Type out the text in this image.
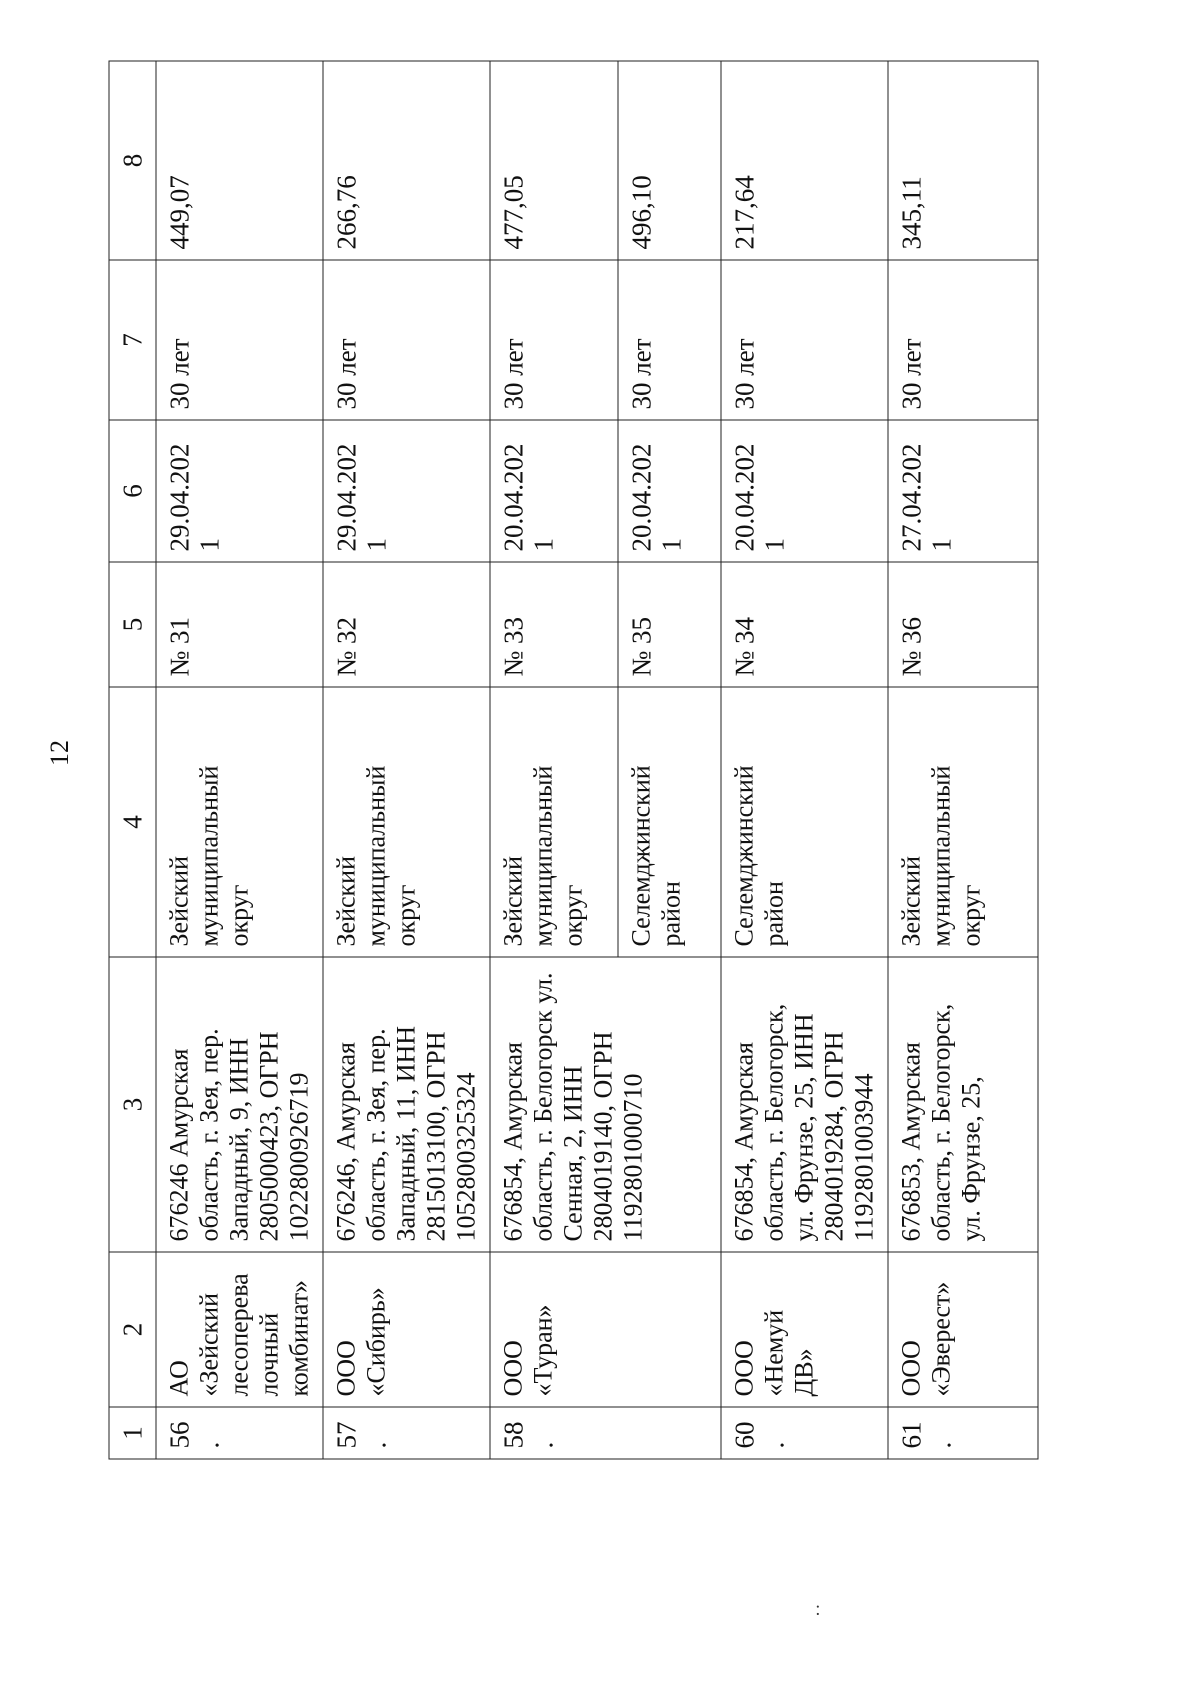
12
1	2	3	4	5	6	7	8
56.	АО «Зейский лесоперевалочный комбинат»	676246 Амурская область, г. Зея, пер. Западный, 9, ИНН 2805000423, ОГРН 1022800926719	Зейский муниципальный округ	№ 31	29.04.2021	30 лет	449,07
57.	ООО «Сибирь»	676246, Амурская область, г. Зея, пер. Западный, 11, ИНН 2815013100, ОГРН 1052800325324	Зейский муниципальный округ	№ 32	29.04.2021	30 лет	266,76
58.	ООО «Туран»	676854, Амурская область, г. Белогорск ул. Сенная, 2, ИНН 2804019140, ОГРН 1192801000710	Зейский муниципальный округ	№ 33	20.04.2021	30 лет	477,05
			Селемджинский район	№ 35	20.04.2021	30 лет	496,10
60.	ООО «Немуй ДВ»	676854, Амурская область, г. Белогорск, ул. Фрунзе, 25, ИНН 2804019284, ОГРН 1192801003944	Селемджинский район	№ 34	20.04.2021	30 лет	217,64
61.	ООО «Эверест»	676853, Амурская область, г. Белогорск, ул. Фрунзе, 25,	Зейский муниципальный округ	№ 36	27.04.2021	30 лет	345,11
˸
